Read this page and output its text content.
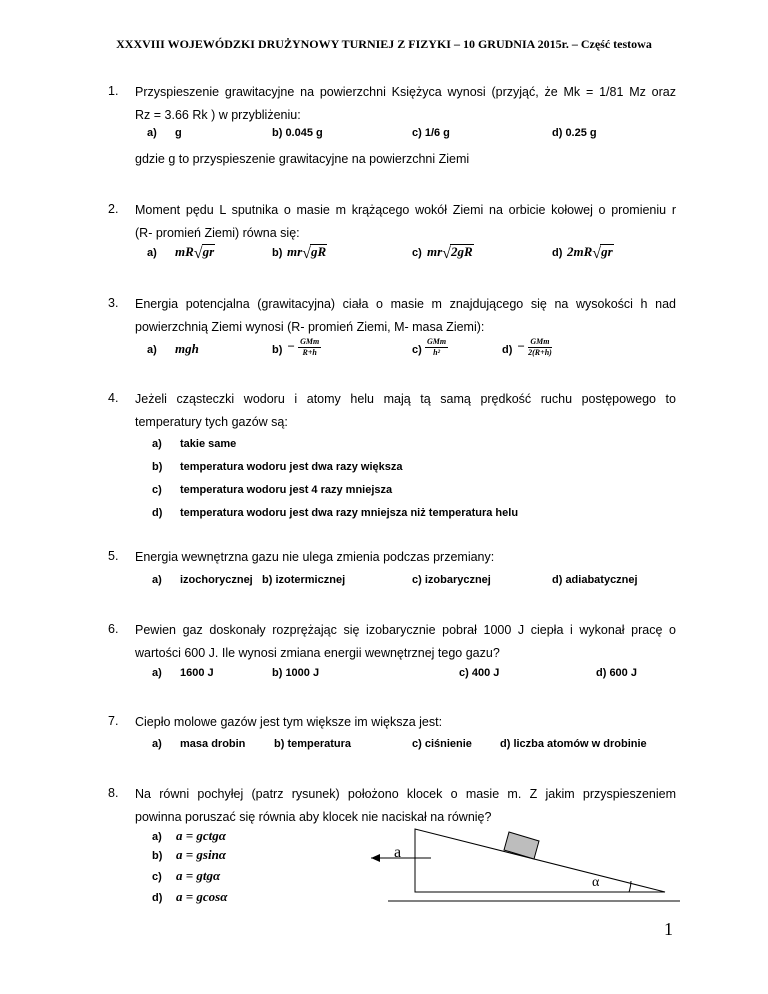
XXXVIII WOJEWÓDZKI DRUŻYNOWY TURNIEJ Z FIZYKI – 10 GRUDNIA 2015r. – Część testowa
1. Przyspieszenie grawitacyjne na powierzchni Księżyca wynosi (przyjąć, że Mk = 1/81 Mz oraz
Rz = 3.66 Rk ) w przybliżeniu:
a) g	b) 0.045 g	c) 1/6 g	d) 0.25 g
gdzie g to przyspieszenie grawitacyjne na powierzchni Ziemi
2. Moment pędu L sputnika o masie m krążącego wokół Ziemi na orbicie kołowej o promieniu r
(R- promień Ziemi) równa się:
a) mR√gr	b) mr√gR	c) mr√2gR	d) 2mR√gr
3. Energia potencjalna (grawitacyjna) ciała o masie m znajdującego się na wysokości h nad
powierzchnią Ziemi wynosi (R- promień Ziemi, M- masa Ziemi):
a) mgh	$b) - \frac{\text{GMm}}{R+h}$	$c) \frac{\text{GMm}}{\text{h²}}$	$d) - \frac{\text{GMm}}{2(R+h)}$
4. Jeżeli cząsteczki wodoru i atomy helu mają tą samą prędkość ruchu postępowego to
temperatury tych gazów są:
a) takie same
b) temperatura wodoru jest dwa razy większa
c) temperatura wodoru jest 4 razy mniejsza
d) temperatura wodoru jest dwa razy mniejsza niż temperatura helu
5. Energia wewnętrzna gazu nie ulega zmienia podczas przemiany:
a) izochorycznej b) izotermicznej	c) izobarycznej	d) adiabatycznej
6. Pewien gaz doskonały rozprężając się izobarycznie pobrał 1000 J ciepła i wykonał pracę o
wartości 600 J. Ile wynosi zmiana energii wewnętrznej tego gazu?
a) 1600 J	b) 1000 J	c) 400 J	d) 600 J
7. Ciepło molowe gazów jest tym większe im większa jest:
a) masa drobin	b) temperatura	c) ciśnienie	d) liczba atomów w drobinie
8. Na równi pochyłej (patrz rysunek) położono klocek o masie m. Z jakim przyspieszeniem
powinna poruszać się równia aby klocek nie naciskał na równię?
a) a = gctgα
b) a = gsinα
c) a = gtgα
d) a = gcosα
a
α
1
